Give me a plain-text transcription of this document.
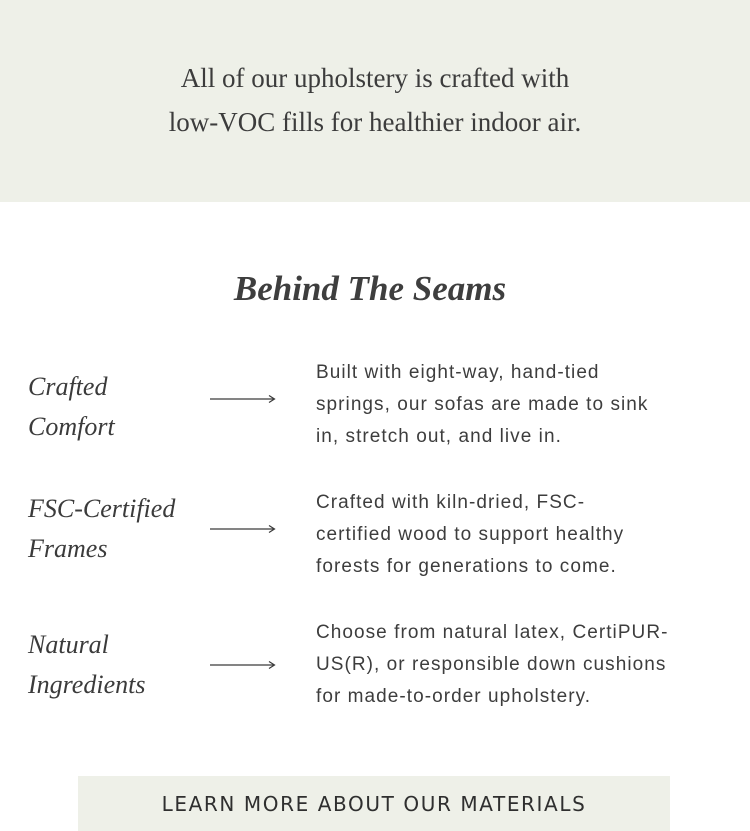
All of our upholstery is crafted with
low-VOC fills for healthier indoor air.
Behind The Seams
Crafted
Comfort
Built with eight-way, hand-tied
springs, our sofas are made to sink
in, stretch out, and live in.
FSC-Certified
Frames
Crafted with kiln-dried, FSC-
certified wood to support healthy
forests for generations to come.
Natural
Ingredients
Choose from natural latex, CertiPUR-
US(R), or responsible down cushions
for made-to-order upholstery.
LEARN MORE ABOUT OUR MATERIALS
